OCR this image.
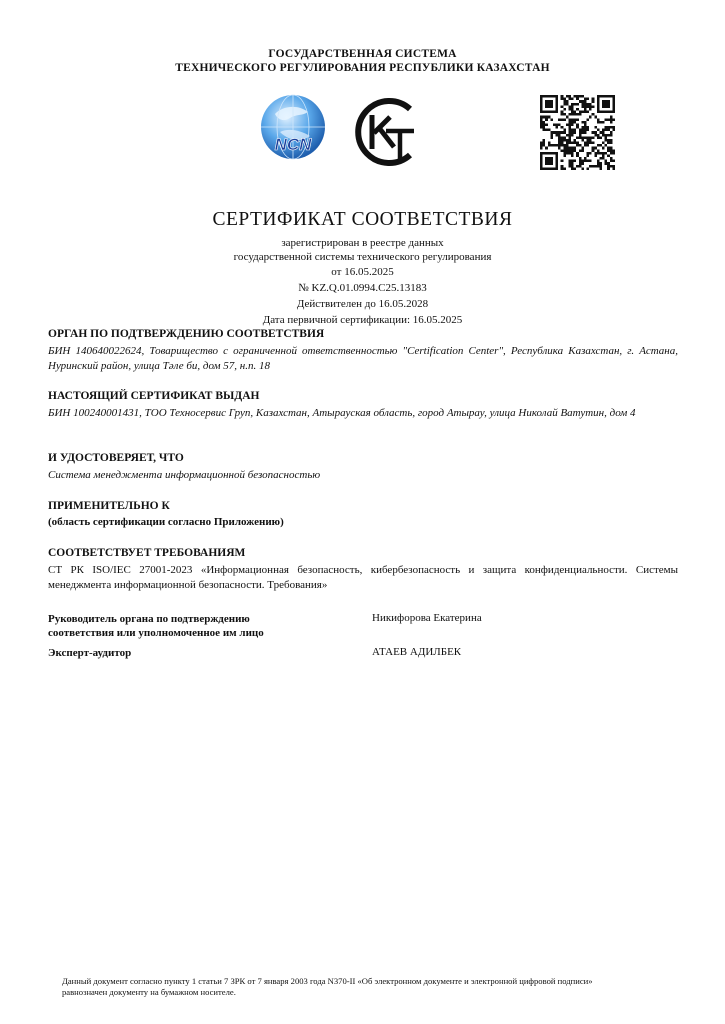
ГОСУДАРСТВЕННАЯ СИСТЕМА
ТЕХНИЧЕСКОГО РЕГУЛИРОВАНИЯ РЕСПУБЛИКИ КАЗАХСТАН
NCN
СЕРТИФИКАТ СООТВЕТСТВИЯ
зарегистрирован в реестре данных
государственной системы технического регулирования
от 16.05.2025
№ KZ.Q.01.0994.C25.13183
Действителен до 16.05.2028
Дата первичной сертификации: 16.05.2025
ОРГАН ПО ПОДТВЕРЖДЕНИЮ СООТВЕТСТВИЯ
БИН 140640022624, Товарищество с ограниченной ответственностью "Certification Center", Республика Казахстан, г. Астана, Нуринский район, улица Тәле би, дом 57, н.п. 18
НАСТОЯЩИЙ СЕРТИФИКАТ ВЫДАН
БИН 100240001431, ТОО Техносервис Груп, Казахстан, Атырауская область, город Атырау, улица Николай Ватутин, дом 4
И УДОСТОВЕРЯЕТ, ЧТО
Система менеджмента информационной безопасностью
ПРИМЕНИТЕЛЬНО К
(область сертификации согласно Приложению)
СООТВЕТСТВУЕТ ТРЕБОВАНИЯМ
СТ РК ISO/IEC 27001-2023 «Информационная безопасность, кибербезопасность и защита конфиденциальности. Системы менеджмента информационной безопасности. Требования»
Руководитель органа по подтверждению
соответствия или уполномоченное им лицо
Никифорова Екатерина
Эксперт-аудитор	АТАЕВ АДИЛБЕК
Данный документ согласно пункту 1 статьи 7 ЗРК от 7 января 2003 года N370-II «Об электронном документе и электронной цифровой подписи»
равнозначен документу на бумажном носителе.
